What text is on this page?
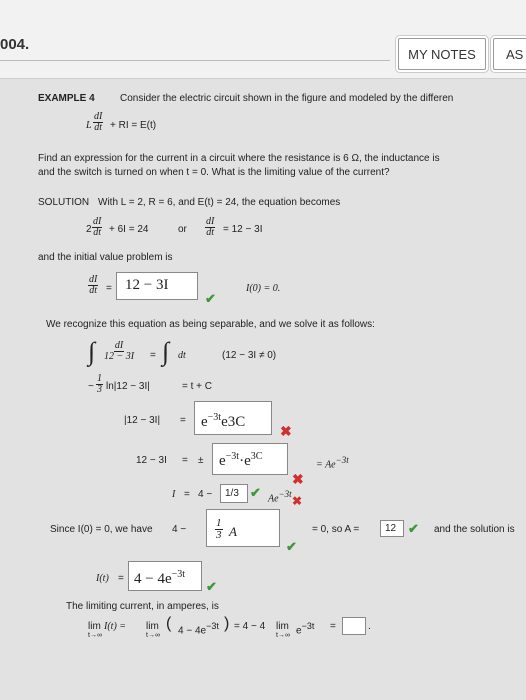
004.
MY NOTES	AS
EXAMPLE 4	Consider the electric circuit shown in the figure and modeled by the differen
L $\frac{dI}{dt}$ + RI = E(t)
Find an expression for the current in a circuit where the resistance is 6 Ω, the inductance is
and the switch is turned on when t = 0. What is the limiting value of the current?
SOLUTION With L = 2, R = 6, and E(t) = 24, the equation becomes
$2 \frac{dI}{dt} + 6I = 24$	or $\frac{dI}{dt} = 12 - 3I$
and the initial value problem is
$\frac{dI}{dt} = 12 - 3I$
✔
I(0) = 0.
We recognize this equation as being separable, and we solve it as follows:
∫ $\frac{dI}{12 - 3I}$ = ∫ dt	(12 − 3I ≠ 0)
− $\frac{1}{3} \ln|12 - 3I|$	= t + C
$|12 - 3I| = e^{-3t}e3C$
✖
12 − 3I = ± $e^{-3t}\cdot e^{3C}$
✖
= $Ae^{-3t}$
I = 4 − 1/3 ✔ $Ae^{-3t}$ ✖
Since I(0) = 0, we have 4 −	$\frac{1}{3}$ A
✔
= 0, so A =	12 ✔ and the solution is
$I(t) = 4 - 4e^{-3t}$
✔
The limiting current, in amperes, is
lim
t→∞
I(t) = lim
t→∞
( $4 - 4e^{-3t}$ ) = 4 − 4 lim
t→∞ $e^{-3t}$ =	.
